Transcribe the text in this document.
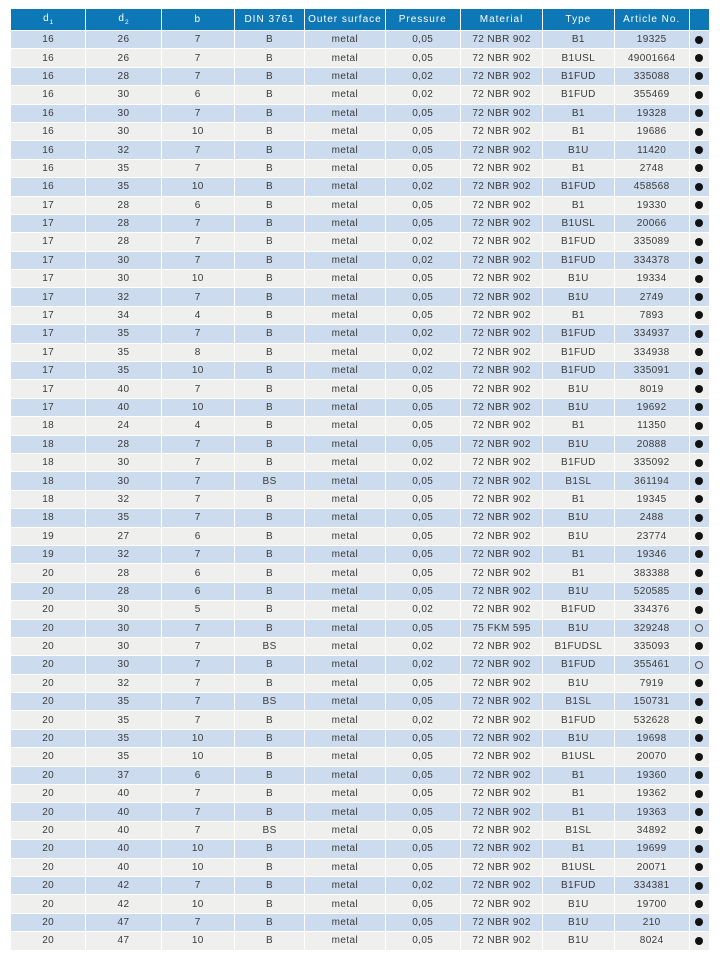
$d_1$	$d_2$	b	DIN 3761	Outer surface	Pressure	Material	Type	Article No.	
16	26	7	B	metal	0,05	72 NBR 902	B1	19325	
16	26	7	B	metal	0,05	72 NBR 902	B1USL	49001664	
16	28	7	B	metal	0,02	72 NBR 902	B1FUD	335088	
16	30	6	B	metal	0,02	72 NBR 902	B1FUD	355469	
16	30	7	B	metal	0,05	72 NBR 902	B1	19328	
16	30	10	B	metal	0,05	72 NBR 902	B1	19686	
16	32	7	B	metal	0,05	72 NBR 902	B1U	11420	
16	35	7	B	metal	0,05	72 NBR 902	B1	2748	
16	35	10	B	metal	0,02	72 NBR 902	B1FUD	458568	
17	28	6	B	metal	0,05	72 NBR 902	B1	19330	
17	28	7	B	metal	0,05	72 NBR 902	B1USL	20066	
17	28	7	B	metal	0,02	72 NBR 902	B1FUD	335089	
17	30	7	B	metal	0,02	72 NBR 902	B1FUD	334378	
17	30	10	B	metal	0,05	72 NBR 902	B1U	19334	
17	32	7	B	metal	0,05	72 NBR 902	B1U	2749	
17	34	4	B	metal	0,05	72 NBR 902	B1	7893	
17	35	7	B	metal	0,02	72 NBR 902	B1FUD	334937	
17	35	8	B	metal	0,02	72 NBR 902	B1FUD	334938	
17	35	10	B	metal	0,02	72 NBR 902	B1FUD	335091	
17	40	7	B	metal	0,05	72 NBR 902	B1U	8019	
17	40	10	B	metal	0,05	72 NBR 902	B1U	19692	
18	24	4	B	metal	0,05	72 NBR 902	B1	11350	
18	28	7	B	metal	0,05	72 NBR 902	B1U	20888	
18	30	7	B	metal	0,02	72 NBR 902	B1FUD	335092	
18	30	7	BS	metal	0,05	72 NBR 902	B1SL	361194	
18	32	7	B	metal	0,05	72 NBR 902	B1	19345	
18	35	7	B	metal	0,05	72 NBR 902	B1U	2488	
19	27	6	B	metal	0,05	72 NBR 902	B1U	23774	
19	32	7	B	metal	0,05	72 NBR 902	B1	19346	
20	28	6	B	metal	0,05	72 NBR 902	B1	383388	
20	28	6	B	metal	0,05	72 NBR 902	B1U	520585	
20	30	5	B	metal	0,02	72 NBR 902	B1FUD	334376	
20	30	7	B	metal	0,05	75 FKM 595	B1U	329248	
20	30	7	BS	metal	0,02	72 NBR 902	B1FUDSL	335093	
20	30	7	B	metal	0,02	72 NBR 902	B1FUD	355461	
20	32	7	B	metal	0,05	72 NBR 902	B1U	7919	
20	35	7	BS	metal	0,05	72 NBR 902	B1SL	150731	
20	35	7	B	metal	0,02	72 NBR 902	B1FUD	532628	
20	35	10	B	metal	0,05	72 NBR 902	B1U	19698	
20	35	10	B	metal	0,05	72 NBR 902	B1USL	20070	
20	37	6	B	metal	0,05	72 NBR 902	B1	19360	
20	40	7	B	metal	0,05	72 NBR 902	B1	19362	
20	40	7	B	metal	0,05	72 NBR 902	B1	19363	
20	40	7	BS	metal	0,05	72 NBR 902	B1SL	34892	
20	40	10	B	metal	0,05	72 NBR 902	B1	19699	
20	40	10	B	metal	0,05	72 NBR 902	B1USL	20071	
20	42	7	B	metal	0,02	72 NBR 902	B1FUD	334381	
20	42	10	B	metal	0,05	72 NBR 902	B1U	19700	
20	47	7	B	metal	0,05	72 NBR 902	B1U	210	
20	47	10	B	metal	0,05	72 NBR 902	B1U	8024	
